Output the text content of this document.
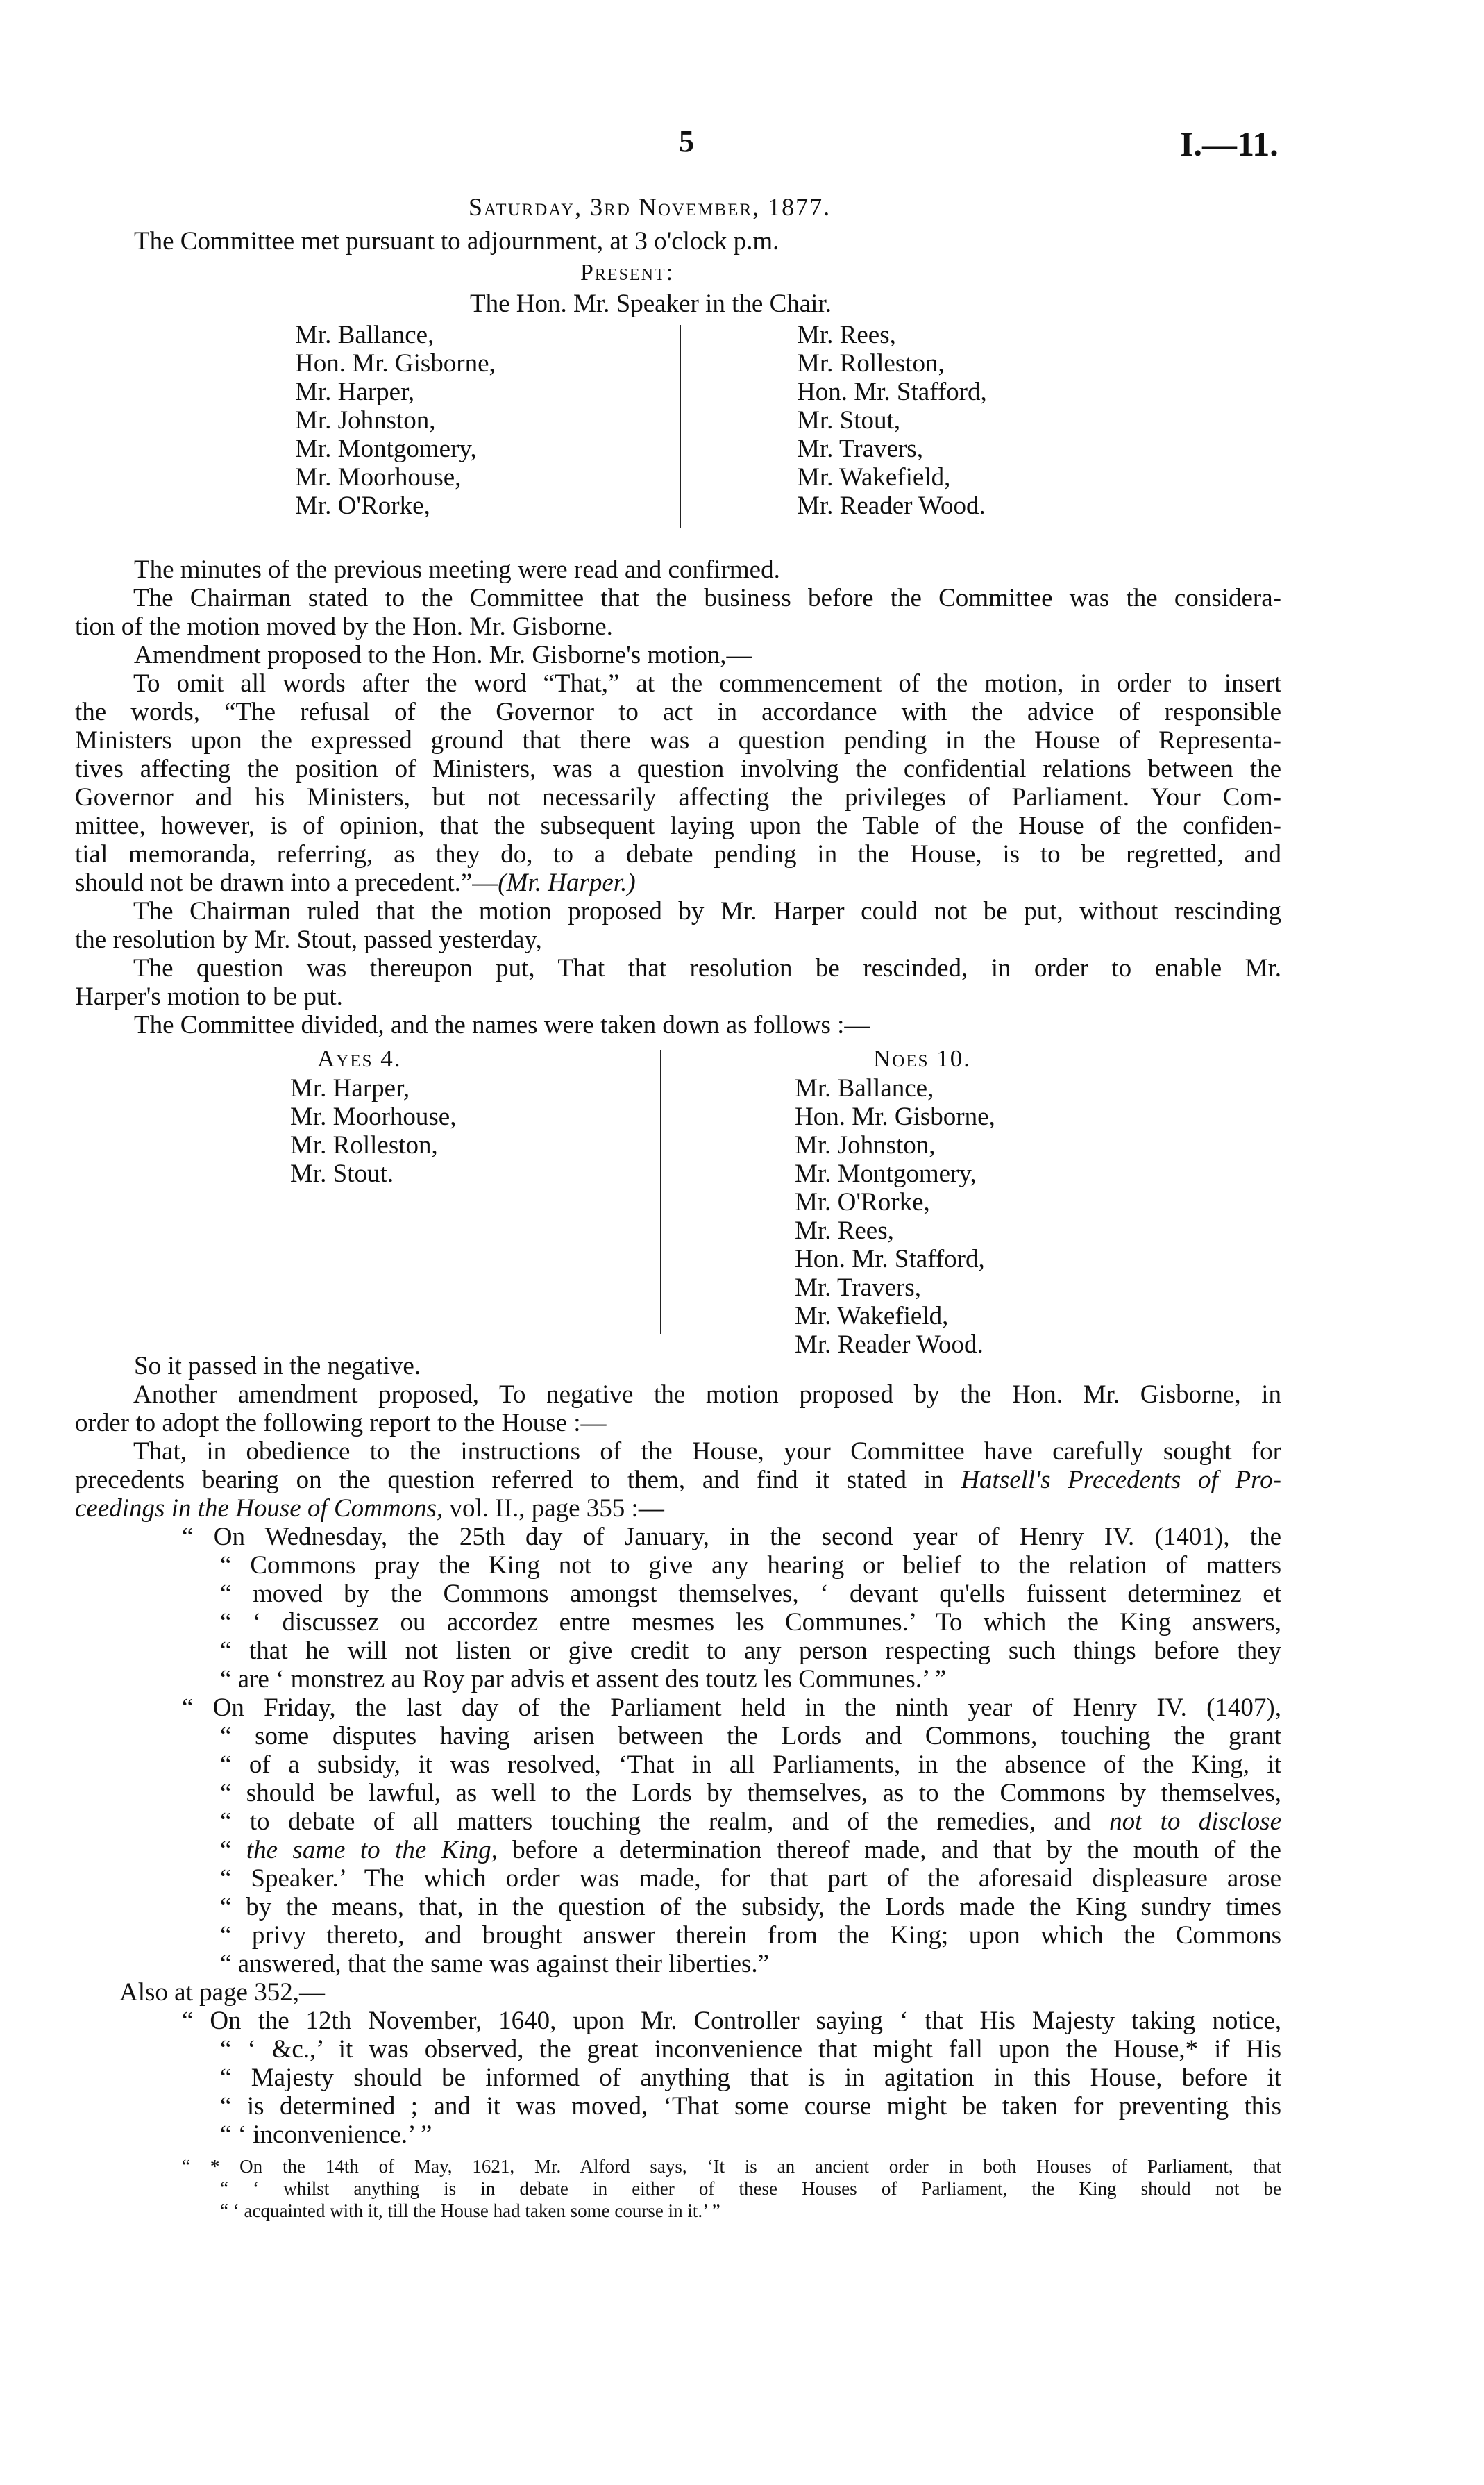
5	I.—11.
Saturday, 3rd November, 1877.
The Committee met pursuant to adjournment, at 3 o'clock p.m.
Present:
The Hon. Mr. Speaker in the Chair.
Mr. Ballance,
Hon. Mr. Gisborne,
Mr. Harper,
Mr. Johnston,
Mr. Montgomery,
Mr. Moorhouse,
Mr. O'Rorke,
Mr. Rees,
Mr. Rolleston,
Hon. Mr. Stafford,
Mr. Stout,
Mr. Travers,
Mr. Wakefield,
Mr. Reader Wood.
The minutes of the previous meeting were read and confirmed.
The Chairman stated to the Committee that the business before the Committee was the considera-
tion of the motion moved by the Hon. Mr. Gisborne.
Amendment proposed to the Hon. Mr. Gisborne's motion,—
To omit all words after the word “That,” at the commencement of the motion, in order to insert
the words, “The refusal of the Governor to act in accordance with the advice of responsible
Ministers upon the expressed ground that there was a question pending in the House of Representa-
tives affecting the position of Ministers, was a question involving the confidential relations between the
Governor and his Ministers, but not necessarily affecting the privileges of Parliament. Your Com-
mittee, however, is of opinion, that the subsequent laying upon the Table of the House of the confiden-
tial memoranda, referring, as they do, to a debate pending in the House, is to be regretted, and
should not be drawn into a precedent.”—(Mr. Harper.)
The Chairman ruled that the motion proposed by Mr. Harper could not be put, without rescinding
the resolution by Mr. Stout, passed yesterday,
The question was thereupon put, That that resolution be rescinded, in order to enable Mr.
Harper's motion to be put.
The Committee divided, and the names were taken down as follows :—
Ayes 4.
Mr. Harper,
Mr. Moorhouse,
Mr. Rolleston,
Mr. Stout.
Noes 10.
Mr. Ballance,
Hon. Mr. Gisborne,
Mr. Johnston,
Mr. Montgomery,
Mr. O'Rorke,
Mr. Rees,
Hon. Mr. Stafford,
Mr. Travers,
Mr. Wakefield,
Mr. Reader Wood.
So it passed in the negative.
Another amendment proposed, To negative the motion proposed by the Hon. Mr. Gisborne, in
order to adopt the following report to the House :—
That, in obedience to the instructions of the House, your Committee have carefully sought for
precedents bearing on the question referred to them, and find it stated in Hatsell's Precedents of Pro-
ceedings in the House of Commons, vol. II., page 355 :—
“ On Wednesday, the 25th day of January, in the second year of Henry IV. (1401), the
“ Commons pray the King not to give any hearing or belief to the relation of matters
“ moved by the Commons amongst themselves, ‘ devant qu'ells fuissent determinez et
“ ‘ discussez ou accordez entre mesmes les Communes.’ To which the King answers,
“ that he will not listen or give credit to any person respecting such things before they
“ are ‘ monstrez au Roy par advis et assent des toutz les Communes.’ ”
“ On Friday, the last day of the Parliament held in the ninth year of Henry IV. (1407),
“ some disputes having arisen between the Lords and Commons, touching the grant
“ of a subsidy, it was resolved, ‘That in all Parliaments, in the absence of the King, it
“ should be lawful, as well to the Lords by themselves, as to the Commons by themselves,
“ to debate of all matters touching the realm, and of the remedies, and not to disclose
“ the same to the King, before a determination thereof made, and that by the mouth of the
“ Speaker.’ The which order was made, for that part of the aforesaid displeasure arose
“ by the means, that, in the question of the subsidy, the Lords made the King sundry times
“ privy thereto, and brought answer therein from the King; upon which the Commons
“ answered, that the same was against their liberties.”
Also at page 352,—
“ On the 12th November, 1640, upon Mr. Controller saying ‘ that His Majesty taking notice,
“ ‘ &c.,’ it was observed, the great inconvenience that might fall upon the House,* if His
“ Majesty should be informed of anything that is in agitation in this House, before it
“ is determined ; and it was moved, ‘That some course might be taken for preventing this
“ ‘ inconvenience.’ ”
“ * On the 14th of May, 1621, Mr. Alford says, ‘It is an ancient order in both Houses of Parliament, that
“ ‘ whilst anything is in debate in either of these Houses of Parliament, the King should not be
“ ‘ acquainted with it, till the House had taken some course in it.’ ”
